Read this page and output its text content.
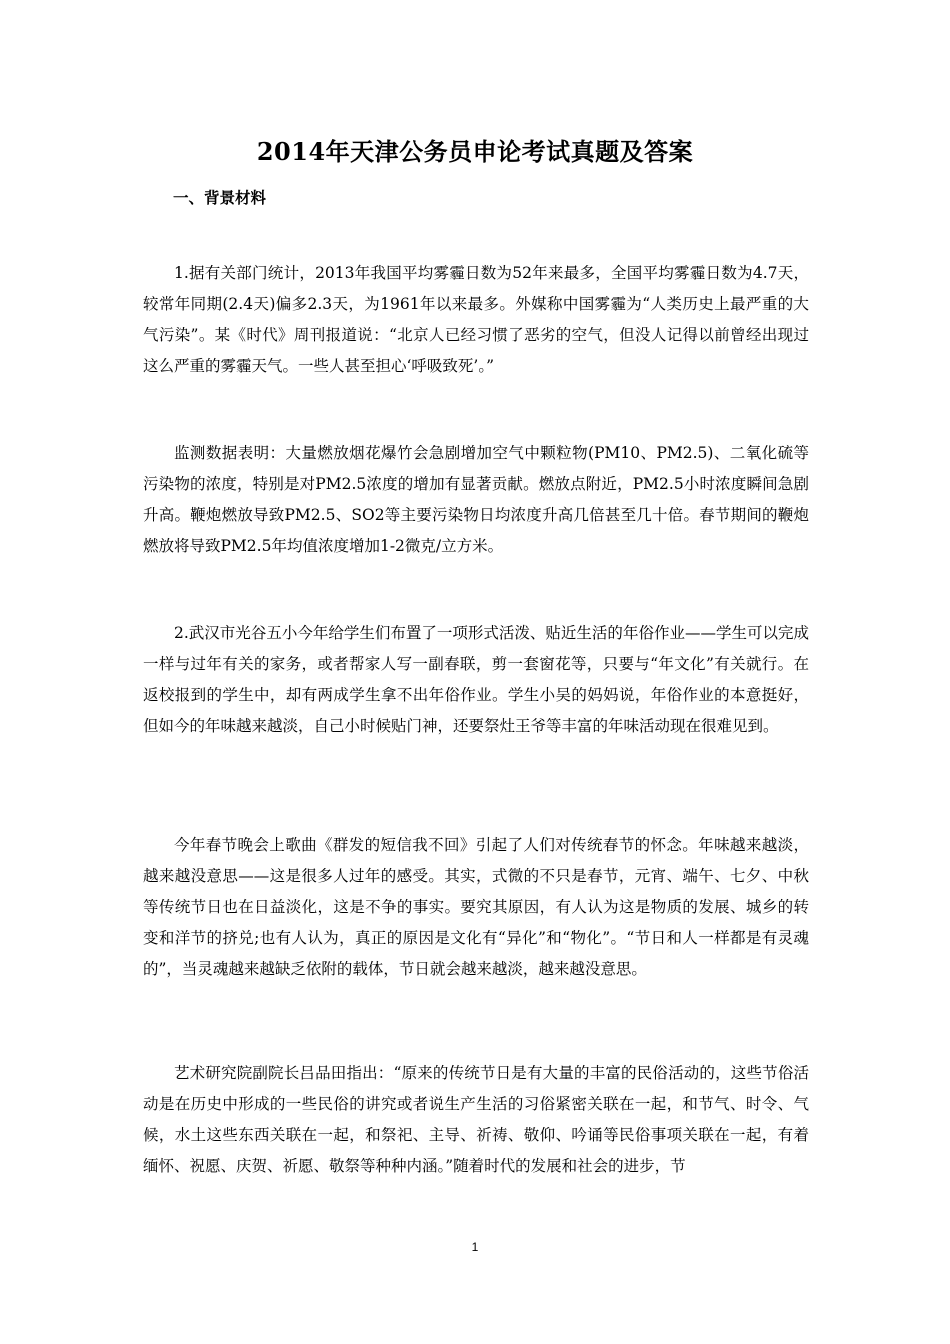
2014年天津公务员申论考试真题及答案
一、背景材料

1.据有关部门统计，2013年我国平均雾霾日数为52年来最多，全国平均雾霾日数为4.7天，较常年同期(2.4天)偏多2.3天，为1961年以来最多。外媒称中国雾霾为“人类历史上最严重的大气污染”。某《时代》周刊报道说：“北京人已经习惯了恶劣的空气，但没人记得以前曾经出现过这么严重的雾霾天气。一些人甚至担心‘呼吸致死’。”

监测数据表明：大量燃放烟花爆竹会急剧增加空气中颗粒物(PM10、PM2.5)、二氧化硫等污染物的浓度，特别是对PM2.5浓度的增加有显著贡献。燃放点附近，PM2.5小时浓度瞬间急剧升高。鞭炮燃放导致PM2.5、SO2等主要污染物日均浓度升高几倍甚至几十倍。春节期间的鞭炮燃放将导致PM2.5年均值浓度增加1-2微克/立方米。

2.武汉市光谷五小今年给学生们布置了一项形式活泼、贴近生活的年俗作业——学生可以完成一样与过年有关的家务，或者帮家人写一副春联，剪一套窗花等，只要与“年文化”有关就行。在返校报到的学生中，却有两成学生拿不出年俗作业。学生小吴的妈妈说，年俗作业的本意挺好，但如今的年味越来越淡，自己小时候贴门神，还要祭灶王爷等丰富的年味活动现在很难见到。

今年春节晚会上歌曲《群发的短信我不回》引起了人们对传统春节的怀念。年味越来越淡，越来越没意思——这是很多人过年的感受。其实，式微的不只是春节，元宵、端午、七夕、中秋等传统节日也在日益淡化，这是不争的事实。要究其原因，有人认为这是物质的发展、城乡的转变和洋节的挤兑;也有人认为，真正的原因是文化有“异化”和“物化”。“节日和人一样都是有灵魂的”，当灵魂越来越缺乏依附的载体，节日就会越来越淡，越来越没意思。

艺术研究院副院长吕品田指出：“原来的传统节日是有大量的丰富的民俗活动的，这些节俗活动是在历史中形成的一些民俗的讲究或者说生产生活的习俗紧密关联在一起，和节气、时令、气候，水土这些东西关联在一起，和祭祀、主导、祈祷、敬仰、吟诵等民俗事项关联在一起，有着缅怀、祝愿、庆贺、祈愿、敬祭等种种内涵。”随着时代的发展和社会的进步，节

1
